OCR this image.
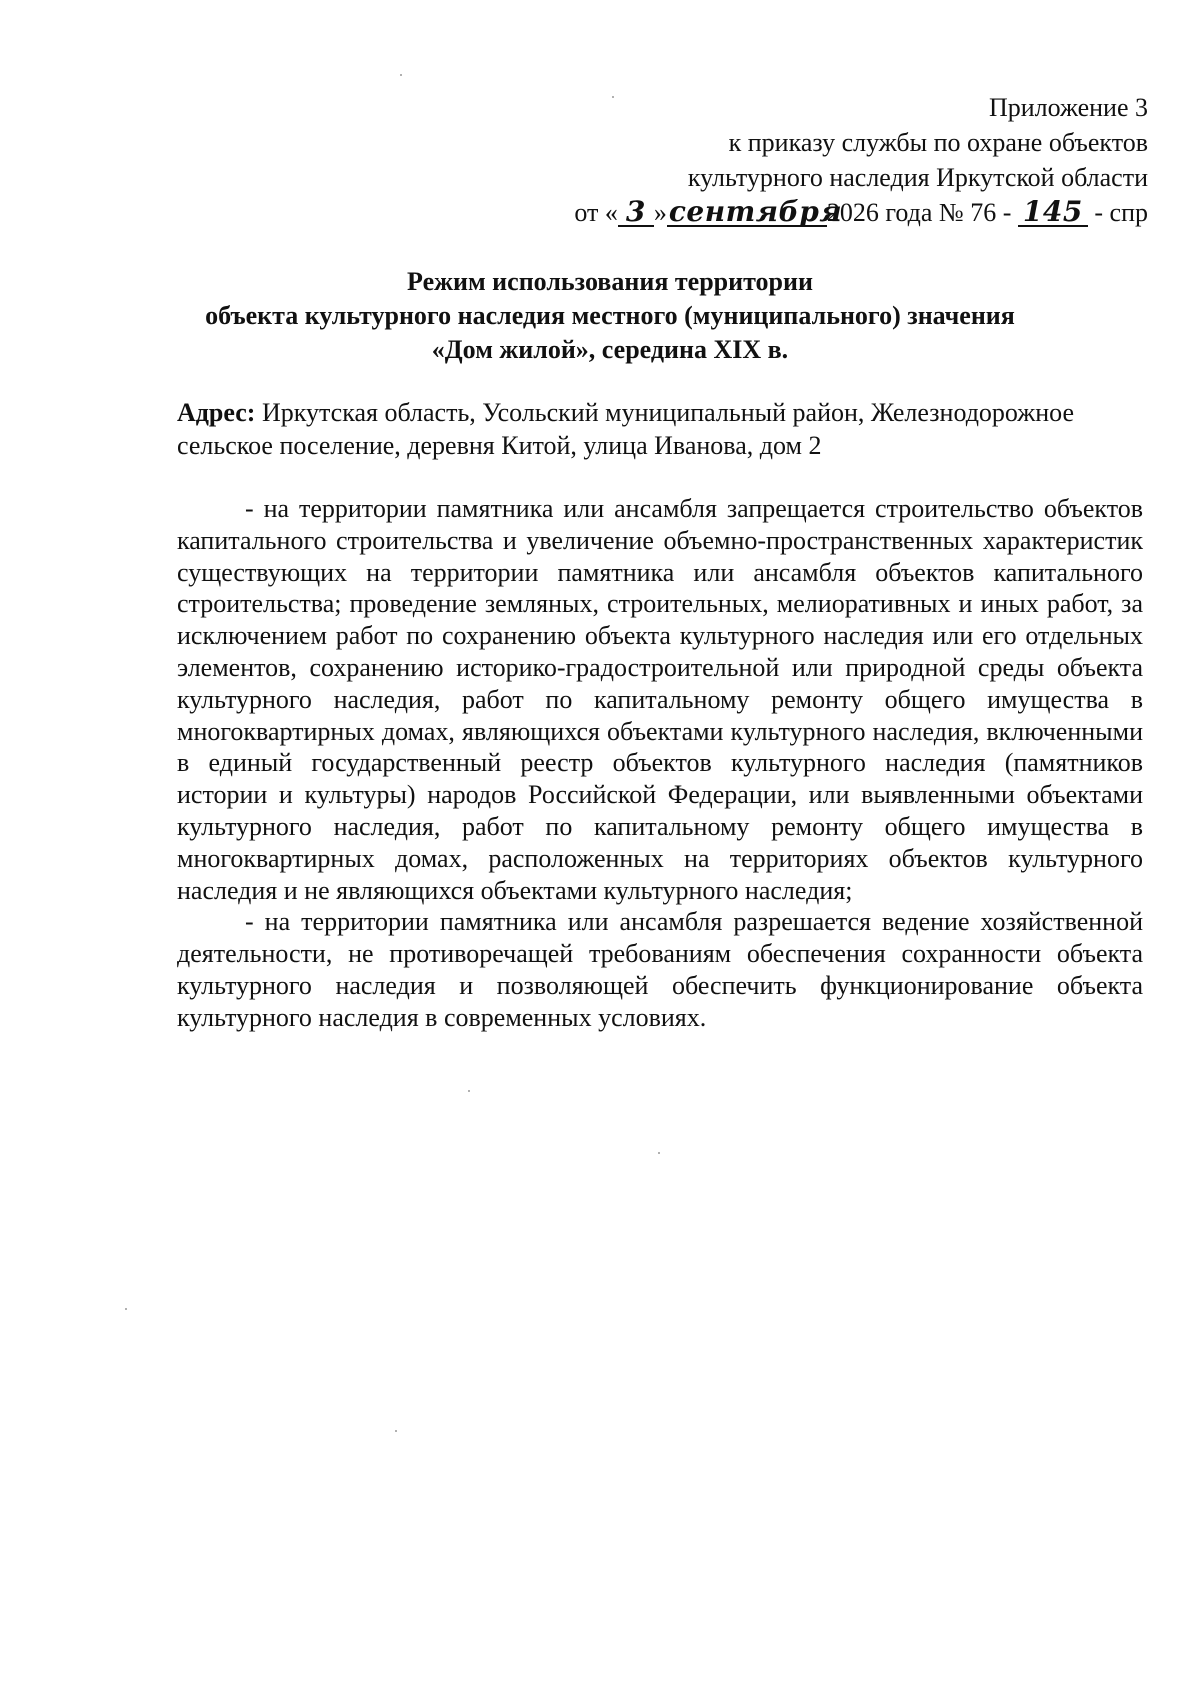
Приложение 3
к приказу службы по охране объектов
культурного наследия Иркутской области
от « 3 »сентября2026 года № 76 - 145 - спр
Режим использования территории
объекта культурного наследия местного (муниципального) значения
«Дом жилой», середина XIX в.
Адрес: Иркутская область, Усольский муниципальный район, Железнодорожное сельское поселение, деревня Китой, улица Иванова, дом 2

- на территории памятника или ансамбля запрещается строительство объектов капитального строительства и увеличение объемно-пространственных характеристик существующих на территории памятника или ансамбля объектов капитального строительства; проведение земляных, строительных, мелиоративных и иных работ, за исключением работ по сохранению объекта культурного наследия или его отдельных элементов, сохранению историко-градостроительной или природной среды объекта культурного наследия, работ по капитальному ремонту общего имущества в многоквартирных домах, являющихся объектами культурного наследия, включенными в единый государственный реестр объектов культурного наследия (памятников истории и культуры) народов Российской Федерации, или выявленными объектами культурного наследия, работ по капитальному ремонту общего имущества в многоквартирных домах, расположенных на территориях объектов культурного наследия и не являющихся объектами культурного наследия;

- на территории памятника или ансамбля разрешается ведение хозяйственной деятельности, не противоречащей требованиям обеспечения сохранности объекта культурного наследия и позволяющей обеспечить функционирование объекта культурного наследия в современных условиях.
